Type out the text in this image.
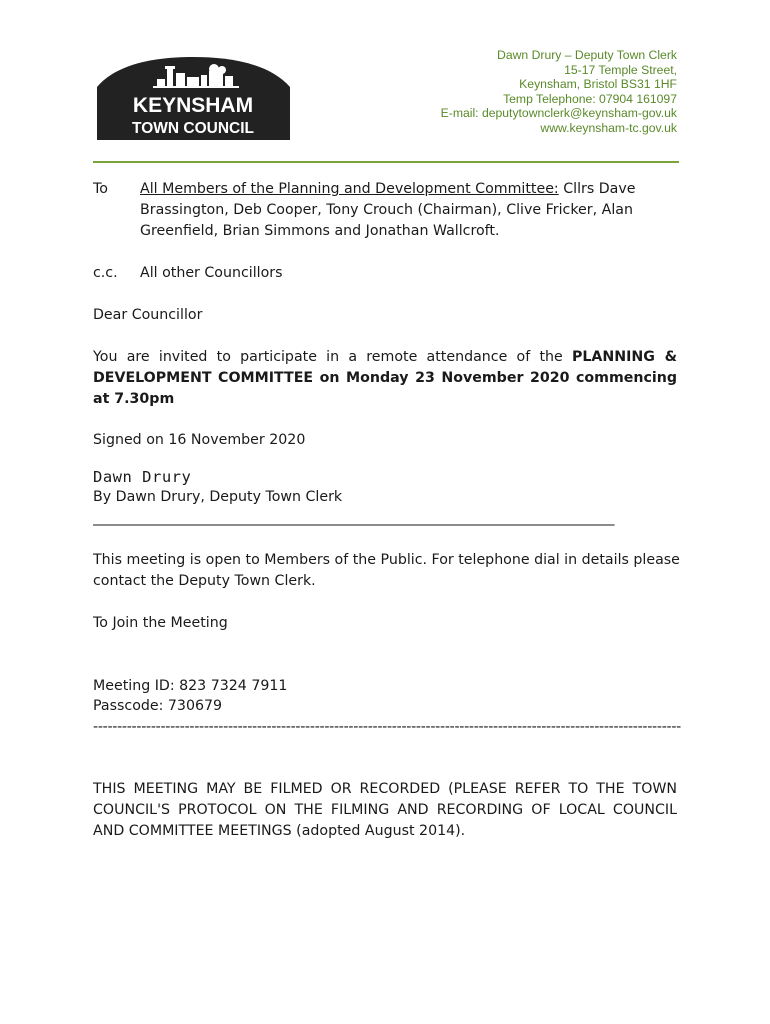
KEYNSHAM
TOWN COUNCIL
Dawn Drury – Deputy Town Clerk
15-17 Temple Street,
Keynsham, Bristol BS31 1HF
Temp Telephone: 07904 161097
E-mail: deputytownclerk@keynsham-gov.uk
www.keynsham-tc.gov.uk
To	All Members of the Planning and Development Committee: Cllrs Dave Brassington, Deb Cooper, Tony Crouch (Chairman), Clive Fricker, Alan Greenfield, Brian Simmons and Jonathan Wallcroft.
c.c.	All other Councillors
Dear Councillor
You are invited to participate in a remote attendance of the PLANNING & DEVELOPMENT COMMITTEE on Monday 23 November 2020 commencing at 7.30pm
Signed on 16 November 2020
Dawn Drury
By Dawn Drury, Deputy Town Clerk
_______________________________________________________________________________
This meeting is open to Members of the Public. For telephone dial in details please contact the Deputy Town Clerk.
To Join the Meeting
Meeting ID: 823 7324 7911
Passcode: 730679
--------------------------------------------------------------------------------------------------------------------------
THIS MEETING MAY BE FILMED OR RECORDED (PLEASE REFER TO THE TOWN COUNCIL'S PROTOCOL ON THE FILMING AND RECORDING OF LOCAL COUNCIL AND COMMITTEE MEETINGS (adopted August 2014).
